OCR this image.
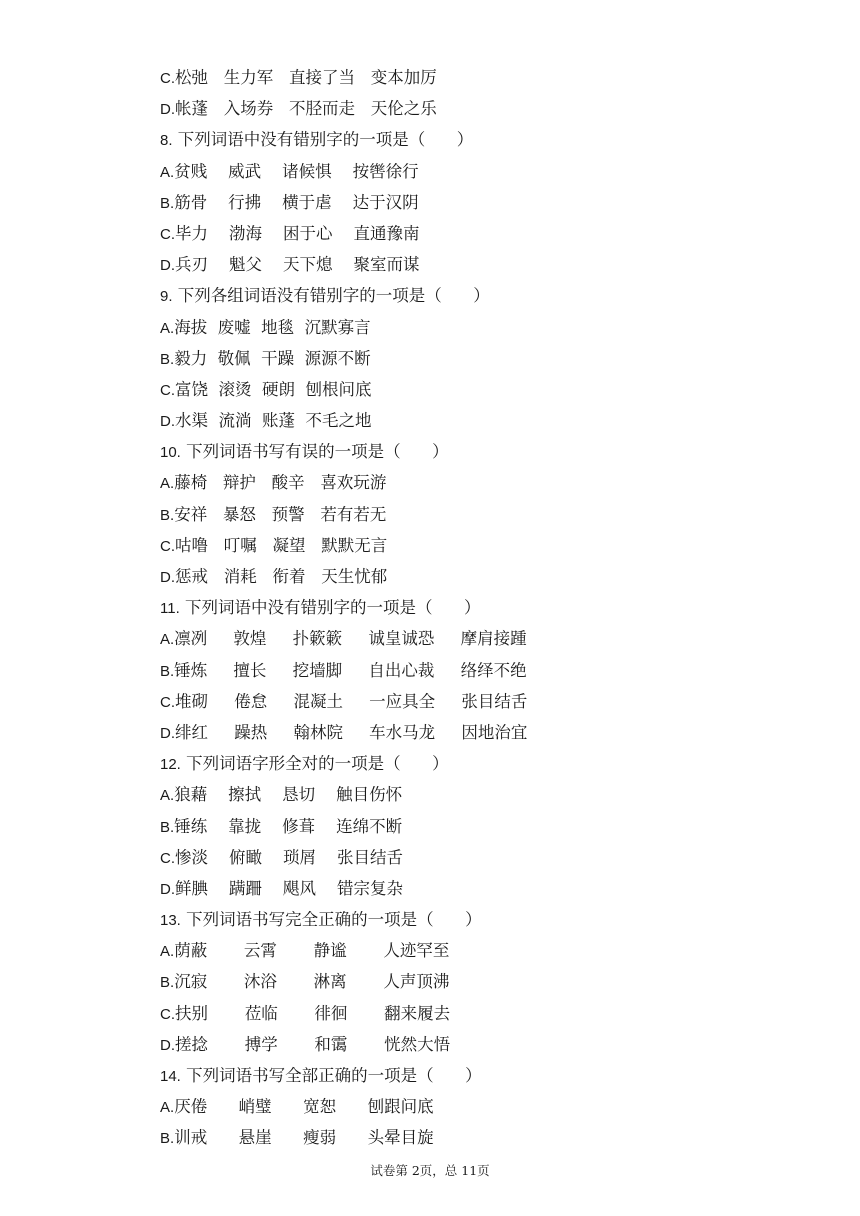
C.松弛   生力军   直接了当   变本加厉
D.帐蓬   入场券   不胫而走   天伦之乐
8. 下列词语中没有错别字的一项是（      ）
A.贫贱    威武    诸候惧    按辔徐行
B.筋骨    行拂    横于虐    达于汉阴
C.毕力    渤海    困于心    直通豫南
D.兵刃    魁父    天下熄    聚室而谋
9. 下列各组词语没有错别字的一项是（      ）
A.海拔  废嘘  地毯  沉默寡言
B.毅力  敬佩  干躁  源源不断
C.富饶  滚烫  硬朗  刨根问底
D.水渠  流淌  账蓬  不毛之地
10. 下列词语书写有误的一项是（      ）
A.藤椅   辩护   酸辛   喜欢玩游
B.安祥   暴怒   预警   若有若无
C.咕噜   叮嘱   凝望   默默无言
D.惩戒   消耗   衔着   天生忧郁
11. 下列词语中没有错别字的一项是（      ）
A.凛冽     敦煌     扑簌簌     诚皇诚恐     摩肩接踵
B.锤炼     擅长     挖墙脚     自出心裁     络绎不绝
C.堆砌     倦怠     混凝土     一应具全     张目结舌
D.绯红     躁热     翰林院     车水马龙     因地治宜
12. 下列词语字形全对的一项是（      ）
A.狼藉    擦拭    恳切    触目伤怀
B.锤练    靠拢    修葺    连绵不断
C.惨淡    俯瞰    琐屑    张目结舌
D.鲜腆    蹒跚    飓风    错宗复杂
13. 下列词语书写完全正确的一项是（      ）
A.荫蔽       云霄       静谧       人迹罕至
B.沉寂       沐浴       淋离       人声顶沸
C.扶别       莅临       徘徊       翻来履去
D.搓捻       搏学       和霭       恍然大悟
14. 下列词语书写全部正确的一项是（      ）
A.厌倦      峭璧      宽恕      刨跟问底
B.训戒      悬崖      瘦弱      头晕目旋
试卷第 2页，总 11页
